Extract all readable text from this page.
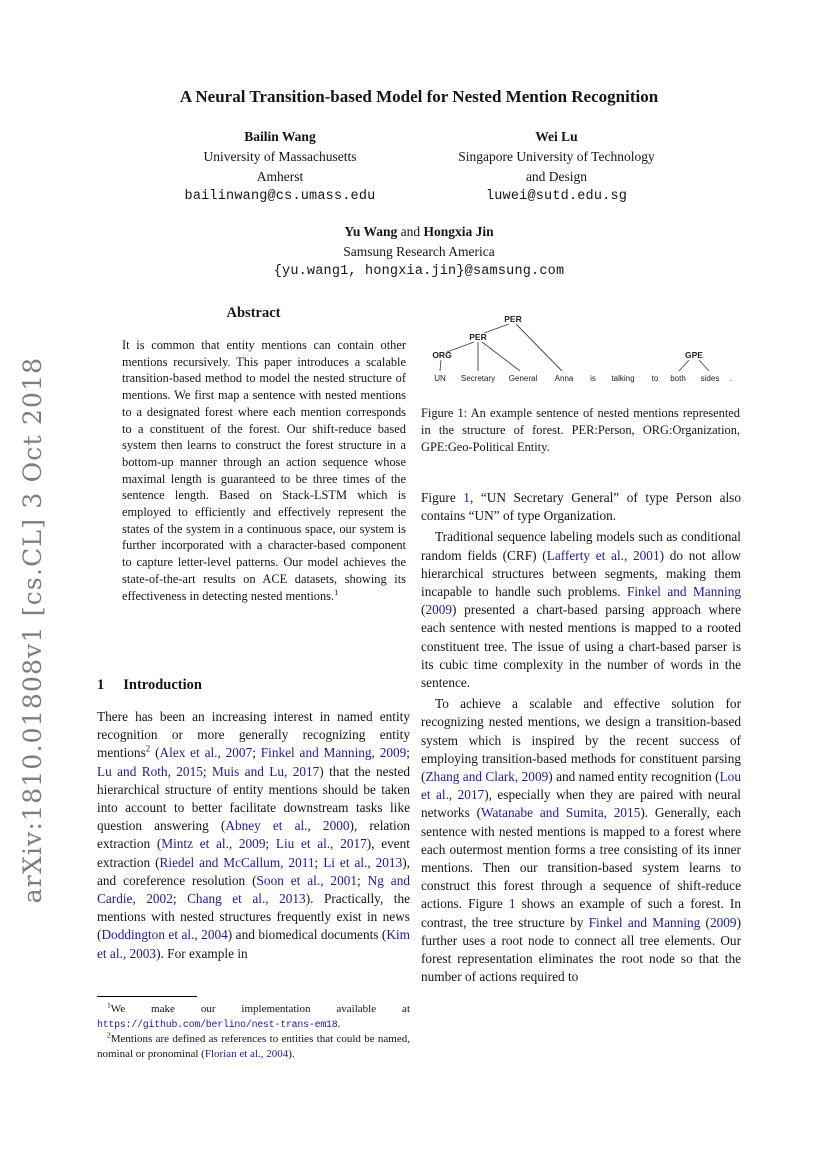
arXiv:1810.01808v1 [cs.CL] 3 Oct 2018
A Neural Transition-based Model for Nested Mention Recognition
Bailin Wang
University of Massachusetts
Amherst
bailinwang@cs.umass.edu
Wei Lu
Singapore University of Technology
and Design
luwei@sutd.edu.sg
Yu Wang and Hongxia Jin
Samsung Research America
{yu.wang1, hongxia.jin}@samsung.com
Abstract
It is common that entity mentions can contain other mentions recursively. This paper introduces a scalable transition-based method to model the nested structure of mentions. We first map a sentence with nested mentions to a designated forest where each mention corresponds to a constituent of the forest. Our shift-reduce based system then learns to construct the forest structure in a bottom-up manner through an action sequence whose maximal length is guaranteed to be three times of the sentence length. Based on Stack-LSTM which is employed to efficiently and effectively represent the states of the system in a continuous space, our system is further incorporated with a character-based component to capture letter-level patterns. Our model achieves the state-of-the-art results on ACE datasets, showing its effectiveness in detecting nested mentions.$^1$
1 Introduction
There has been an increasing interest in named entity recognition or more generally recognizing entity mentions$^2$ (Alex et al., 2007; Finkel and Manning, 2009; Lu and Roth, 2015; Muis and Lu, 2017) that the nested hierarchical structure of entity mentions should be taken into account to better facilitate downstream tasks like question answering (Abney et al., 2000), relation extraction (Mintz et al., 2009; Liu et al., 2017), event extraction (Riedel and McCallum, 2011; Li et al., 2013), and coreference resolution (Soon et al., 2001; Ng and Cardie, 2002; Chang et al., 2013). Practically, the mentions with nested structures frequently exist in news (Doddington et al., 2004) and biomedical documents (Kim et al., 2003). For example in
$^1$We make our implementation available at https://github.com/berlino/nest-trans-em18.
$^2$Mentions are defined as references to entities that could be named, nominal or pronominal (Florian et al., 2004).
PER
PER
ORG	GPE
UN Secretary General Anna is talking to both sides .
Figure 1: An example sentence of nested mentions represented in the structure of forest. PER:Person, ORG:Organization, GPE:Geo-Political Entity.
Figure 1, “UN Secretary General” of type Person also contains “UN” of type Organization.
Traditional sequence labeling models such as conditional random fields (CRF) (Lafferty et al., 2001) do not allow hierarchical structures between segments, making them incapable to handle such problems. Finkel and Manning (2009) presented a chart-based parsing approach where each sentence with nested mentions is mapped to a rooted constituent tree. The issue of using a chart-based parser is its cubic time complexity in the number of words in the sentence.
To achieve a scalable and effective solution for recognizing nested mentions, we design a transition-based system which is inspired by the recent success of employing transition-based methods for constituent parsing (Zhang and Clark, 2009) and named entity recognition (Lou et al., 2017), especially when they are paired with neural networks (Watanabe and Sumita, 2015). Generally, each sentence with nested mentions is mapped to a forest where each outermost mention forms a tree consisting of its inner mentions. Then our transition-based system learns to construct this forest through a sequence of shift-reduce actions. Figure 1 shows an example of such a forest. In contrast, the tree structure by Finkel and Manning (2009) further uses a root node to connect all tree elements. Our forest representation eliminates the root node so that the number of actions required to
